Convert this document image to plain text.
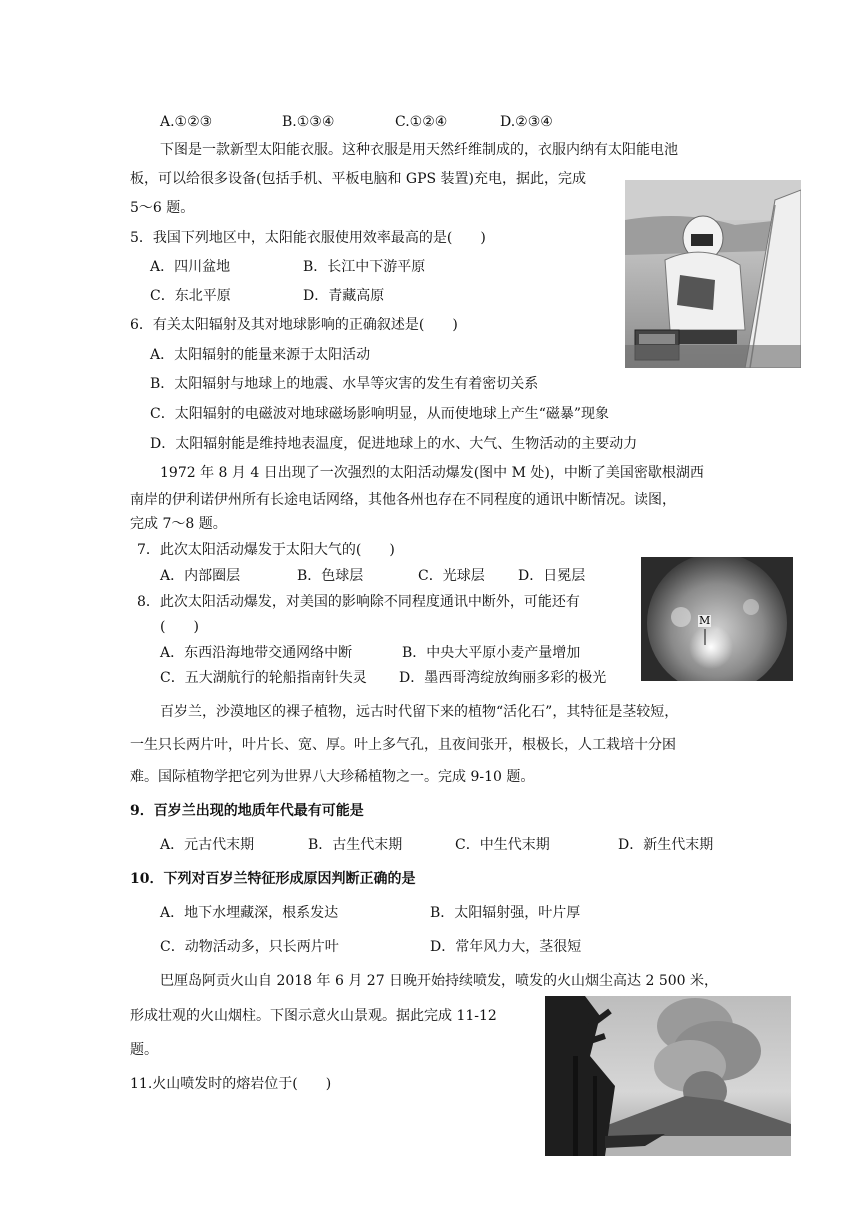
A.①②③	B.①③④	C.①②④	D.②③④
下图是一款新型太阳能衣服。这种衣服是用天然纤维制成的，衣服内纳有太阳能电池
板，可以给很多设备(包括手机、平板电脑和 GPS 装置)充电，据此，完成
5～6 题。
5．我国下列地区中，太阳能衣服使用效率最高的是(　　)
A．四川盆地	B．长江中下游平原
C．东北平原	D．青藏高原
6．有关太阳辐射及其对地球影响的正确叙述是(　　)
A．太阳辐射的能量来源于太阳活动
B．太阳辐射与地球上的地震、水旱等灾害的发生有着密切关系
C．太阳辐射的电磁波对地球磁场影响明显，从而使地球上产生“磁暴”现象
D．太阳辐射能是维持地表温度，促进地球上的水、大气、生物活动的主要动力
1972 年 8 月 4 日出现了一次强烈的太阳活动爆发(图中 M 处)，中断了美国密歇根湖西
南岸的伊利诺伊州所有长途电话网络，其他各州也存在不同程度的通讯中断情况。读图，
完成 7～8 题。
7．此次太阳活动爆发于太阳大气的(　　)
A．内部圈层	B．色球层	C．光球层 D．日冕层
M
8．此次太阳活动爆发，对美国的影响除不同程度通讯中断外，可能还有
(　　)
A．东西沿海地带交通网络中断	B．中央大平原小麦产量增加
C．五大湖航行的轮船指南针失灵 D．墨西哥湾绽放绚丽多彩的极光
百岁兰，沙漠地区的裸子植物，远古时代留下来的植物“活化石”，其特征是茎较短，
一生只长两片叶，叶片长、宽、厚。叶上多气孔，且夜间张开，根极长，人工栽培十分困
难。国际植物学把它列为世界八大珍稀植物之一。完成 9-10 题。
9．百岁兰出现的地质年代最有可能是
A．元古代末期	B．古生代末期	C．中生代末期	D．新生代末期
10．下列对百岁兰特征形成原因判断正确的是
A．地下水埋藏深，根系发达	B．太阳辐射强，叶片厚
C．动物活动多，只长两片叶	D．常年风力大，茎很短
巴厘岛阿贡火山自 2018 年 6 月 27 日晚开始持续喷发，喷发的火山烟尘高达 2 500 米，
形成壮观的火山烟柱。下图示意火山景观。据此完成 11-12
题。
11.火山喷发时的熔岩位于(　　)
